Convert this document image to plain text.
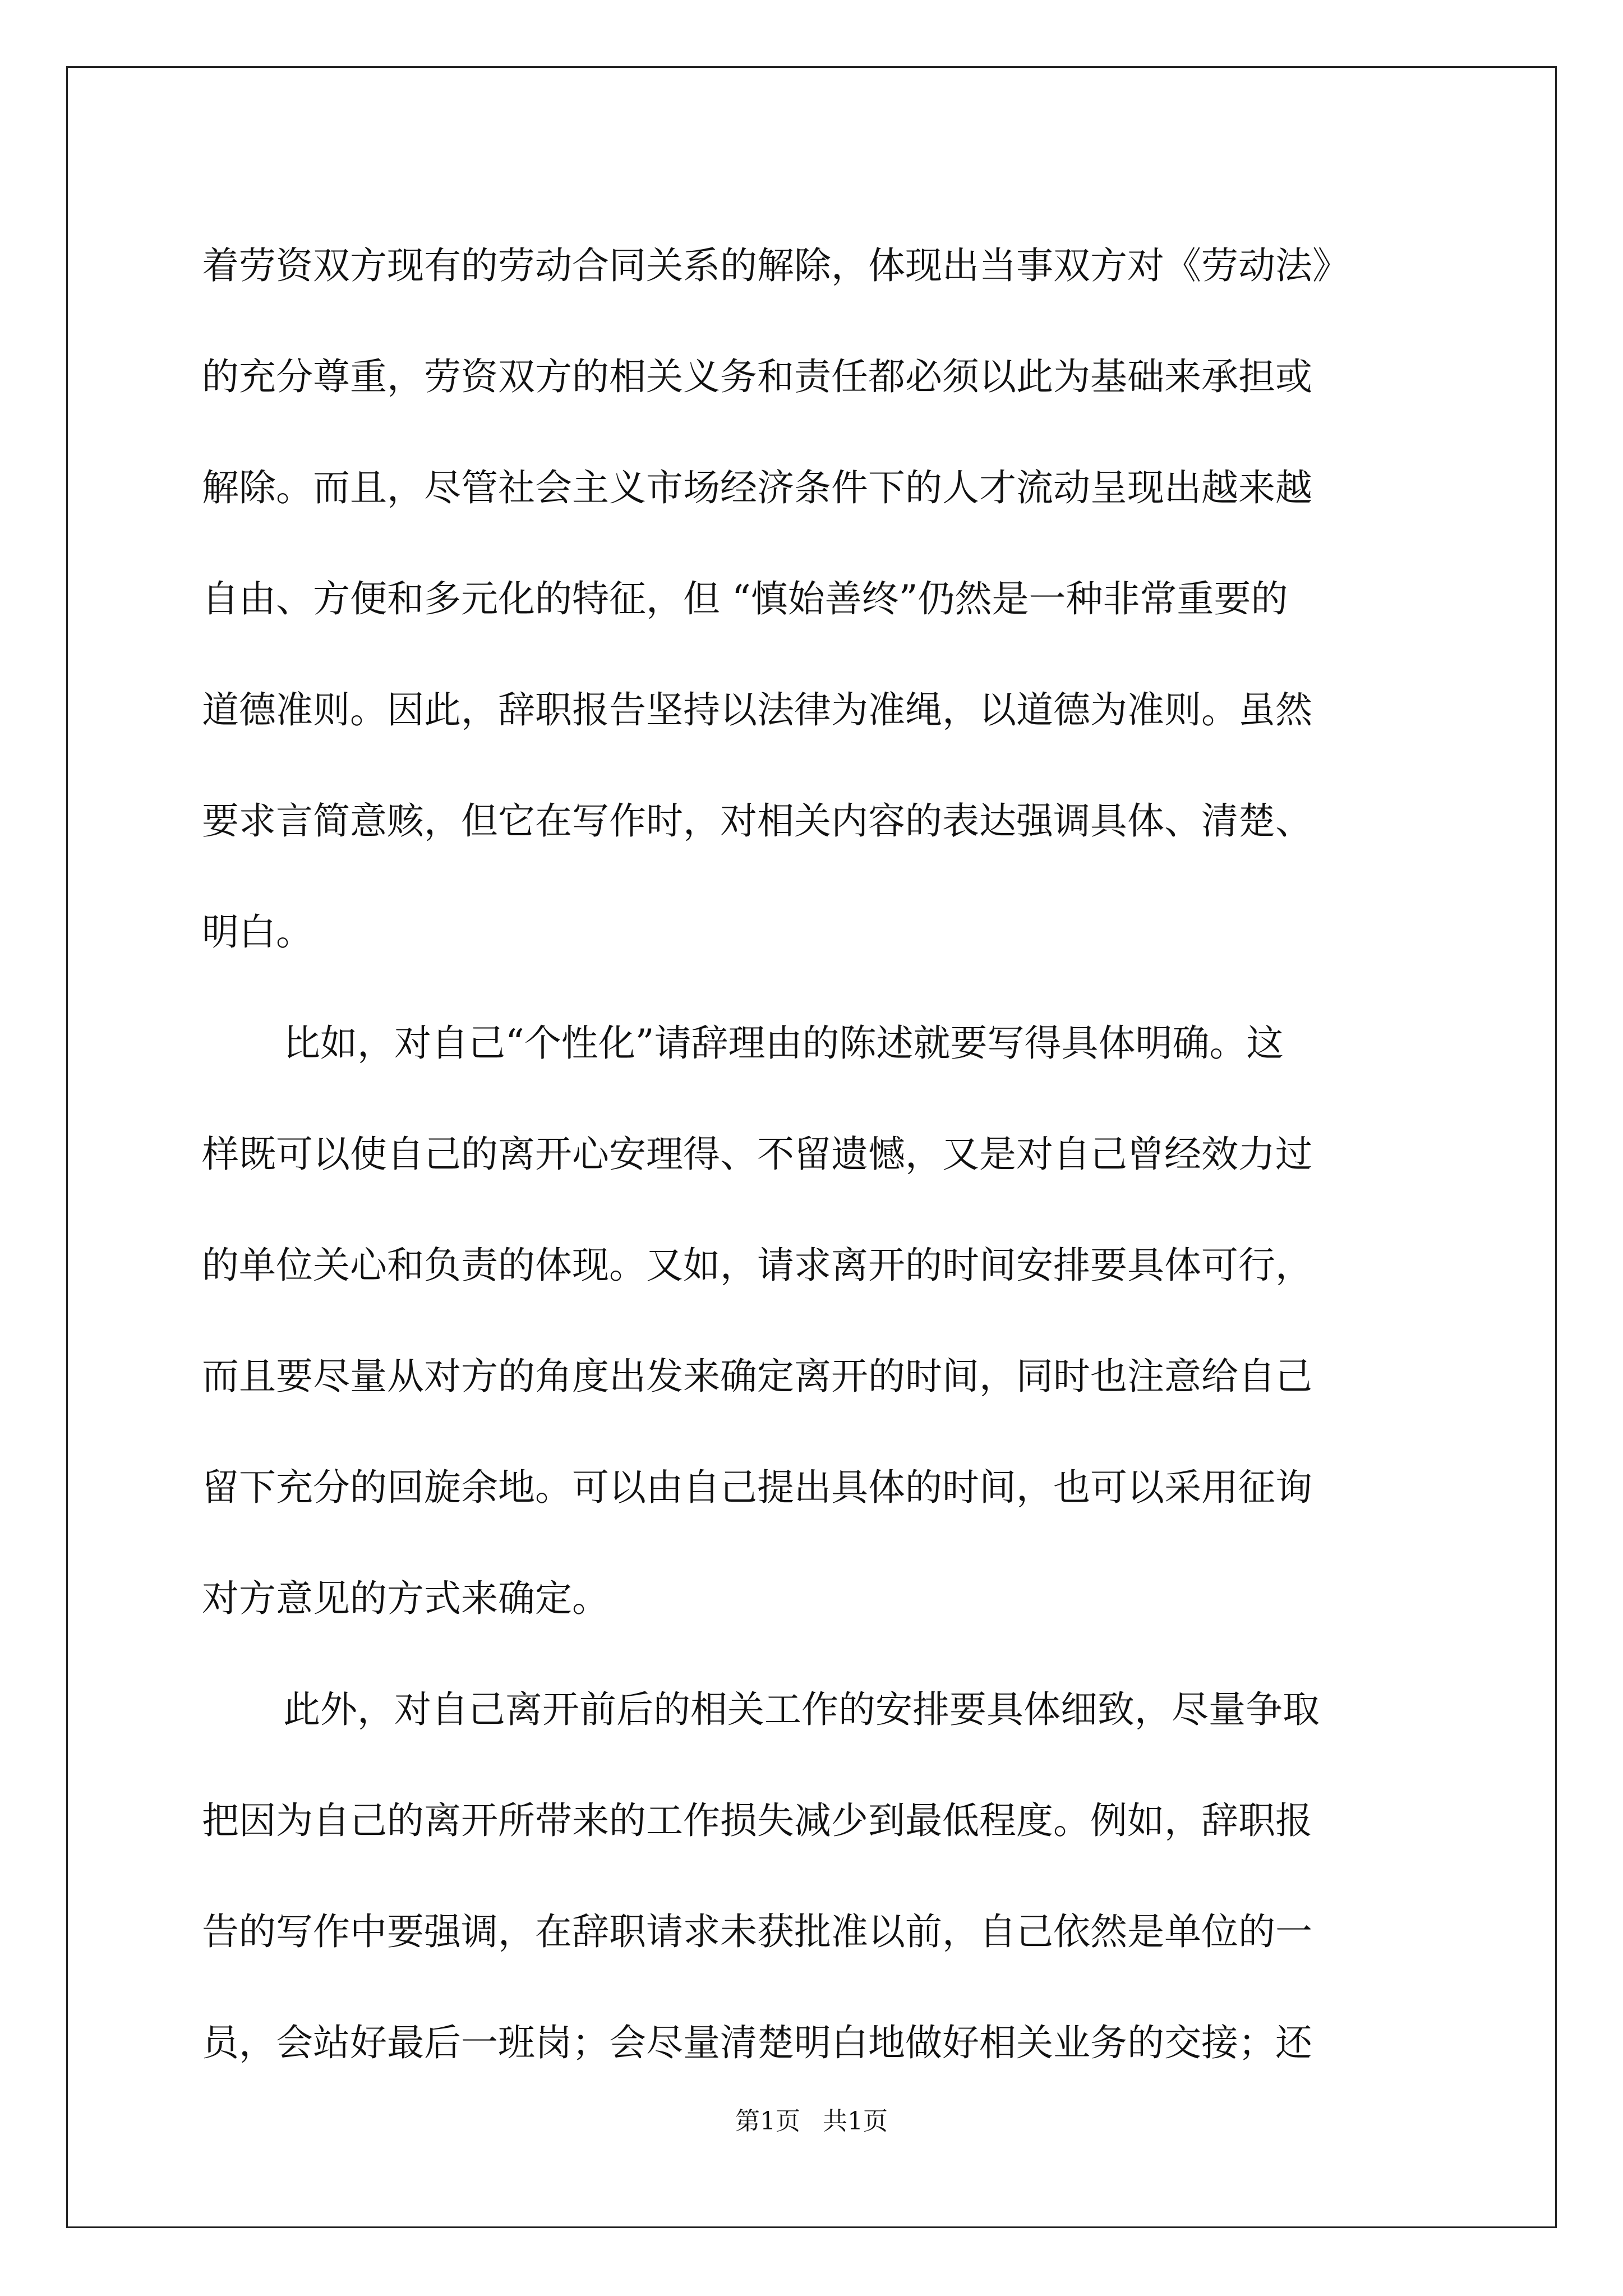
着劳资双方现有的劳动合同关系的解除，体现出当事双方对《劳动法》
的充分尊重，劳资双方的相关义务和责任都必须以此为基础来承担或
解除。而且，尽管社会主义市场经济条件下的人才流动呈现出越来越
自由、方便和多元化的特征，但 “慎始善终”仍然是一种非常重要的
道德准则。因此，辞职报告坚持以法律为准绳，以道德为准则。虽然
要求言简意赅，但它在写作时，对相关内容的表达强调具体、清楚、
明白。
比如，对自己“个性化”请辞理由的陈述就要写得具体明确。这
样既可以使自己的离开心安理得、不留遗憾，又是对自己曾经效力过
的单位关心和负责的体现。又如，请求离开的时间安排要具体可行，
而且要尽量从对方的角度出发来确定离开的时间，同时也注意给自己
留下充分的回旋余地。可以由自己提出具体的时间，也可以采用征询
对方意见的方式来确定。
此外，对自己离开前后的相关工作的安排要具体细致，尽量争取
把因为自己的离开所带来的工作损失减少到最低程度。例如，辞职报
告的写作中要强调，在辞职请求未获批准以前，自己依然是单位的一
员，会站好最后一班岗；会尽量清楚明白地做好相关业务的交接；还
第1页 共1页
